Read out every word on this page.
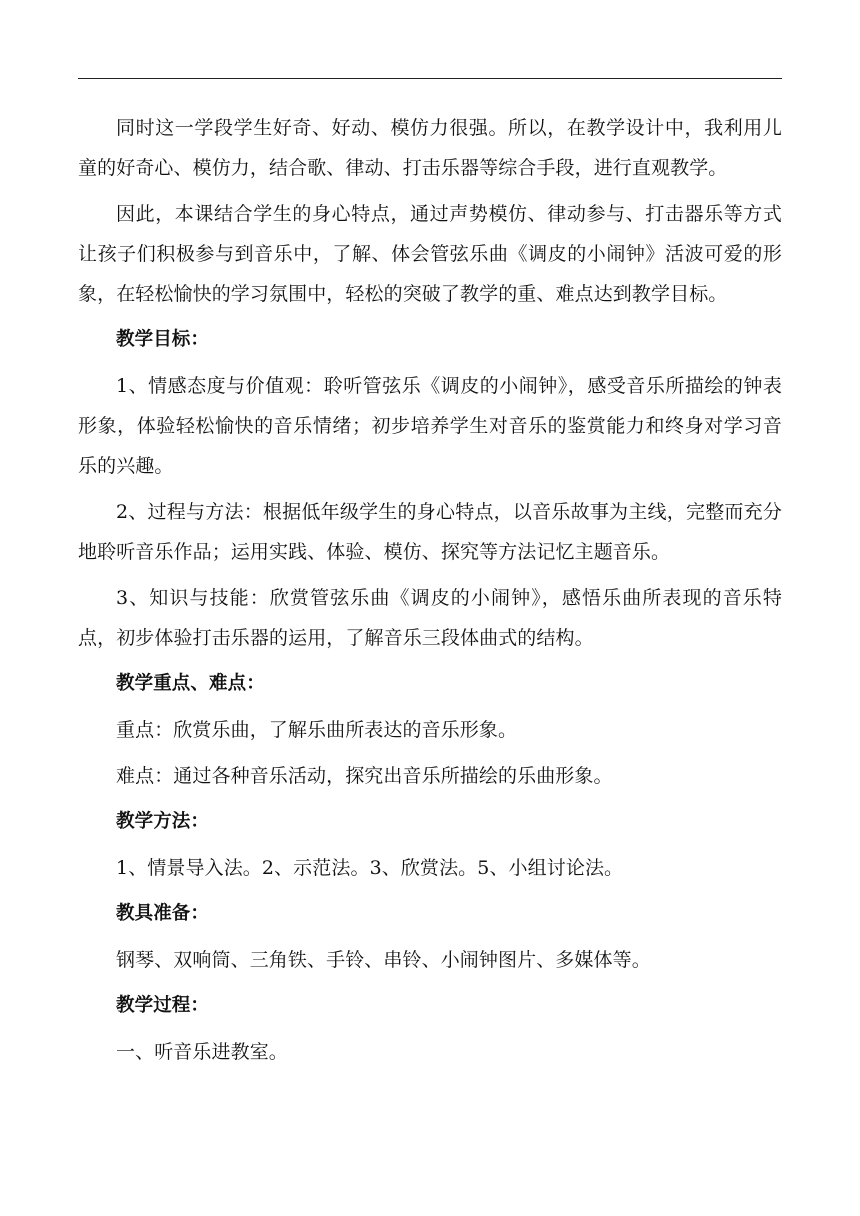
同时这一学段学生好奇、好动、模仿力很强。所以，在教学设计中，我利用儿童的好奇心、模仿力，结合歌、律动、打击乐器等综合手段，进行直观教学。

因此，本课结合学生的身心特点，通过声势模仿、律动参与、打击器乐等方式让孩子们积极参与到音乐中，了解、体会管弦乐曲《调皮的小闹钟》活波可爱的形象，在轻松愉快的学习氛围中，轻松的突破了教学的重、难点达到教学目标。

教学目标：

1、情感态度与价值观：聆听管弦乐《调皮的小闹钟》，感受音乐所描绘的钟表形象，体验轻松愉快的音乐情绪；初步培养学生对音乐的鉴赏能力和终身对学习音乐的兴趣。

2、过程与方法：根据低年级学生的身心特点，以音乐故事为主线，完整而充分地聆听音乐作品；运用实践、体验、模仿、探究等方法记忆主题音乐。

3、知识与技能：欣赏管弦乐曲《调皮的小闹钟》，感悟乐曲所表现的音乐特点，初步体验打击乐器的运用，了解音乐三段体曲式的结构。

教学重点、难点：

重点：欣赏乐曲，了解乐曲所表达的音乐形象。

难点：通过各种音乐活动，探究出音乐所描绘的乐曲形象。

教学方法：

1、情景导入法。2、示范法。3、欣赏法。5、小组讨论法。

教具准备：

钢琴、双响筒、三角铁、手铃、串铃、小闹钟图片、多媒体等。

教学过程：

一、听音乐进教室。
